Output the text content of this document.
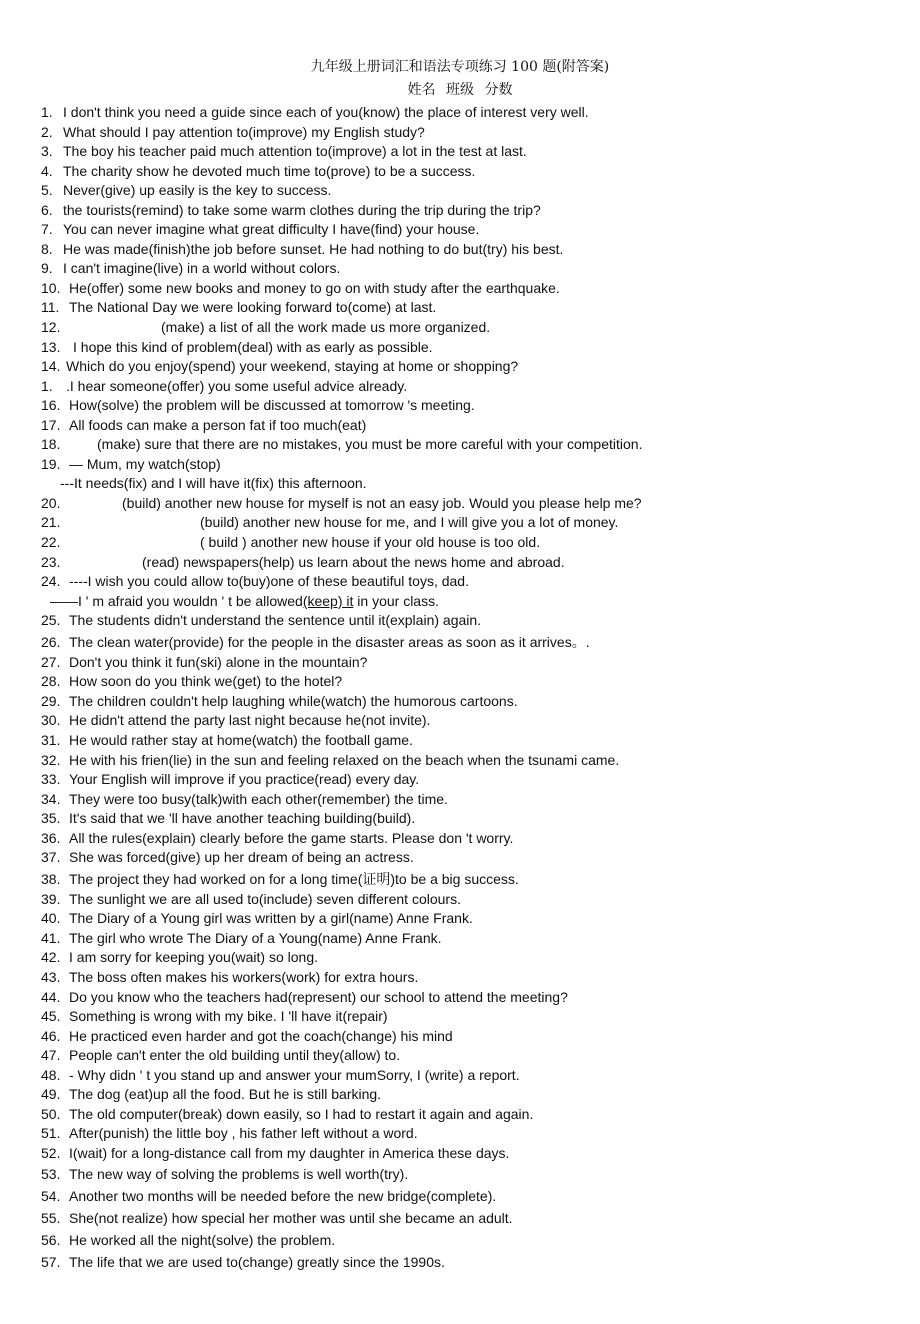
九年级上册词汇和语法专项练习 100 题(附答案)
姓名 班级 分数
1. I don't think you need a guide since each of you(know) the place of interest very well.
2. What should I pay attention to(improve) my English study?
3. The boy his teacher paid much attention to(improve) a lot in the test at last.
4. The charity show he devoted much time to(prove) to be a success.
5. Never(give) up easily is the key to success.
6. the tourists(remind) to take some warm clothes during the trip during the trip?
7. You can never imagine what great difficulty I have(find) your house.
8. He was made(finish)the job before sunset. He had nothing to do but(try) his best.
9. I can't imagine(live) in a world without colors.
10. He(offer) some new books and money to go on with study after the earthquake.
11. The National Day we were looking forward to(come) at last.
12.	(make) a list of all the work made us more organized.
13. I hope this kind of problem(deal) with as early as possible.
14. Which do you enjoy(spend) your weekend, staying at home or shopping?
1. .I hear someone(offer) you some useful advice already.
16. How(solve) the problem will be discussed at tomorrow 's meeting.
17. All foods can make a person fat if too much(eat)
18.	(make) sure that there are no mistakes, you must be more careful with your competition.
19. — Mum, my watch(stop)
---It needs(fix) and I will have it(fix) this afternoon.
20.	(build) another new house for myself is not an easy job. Would you please help me?
21.	(build) another new house for me, and I will give you a lot of money.
22.	( build ) another new house if your old house is too old.
23.	(read) newspapers(help) us learn about the news home and abroad.
24. ----I wish you could allow to(buy)one of these beautiful toys, dad.
——I ' m afraid you wouldn ' t be allowed(keep) it in your class.
25. The students didn't understand the sentence until it(explain) again.
26. The clean water(provide) for the people in the disaster areas as soon as it arrives。.
27. Don't you think it fun(ski) alone in the mountain?
28. How soon do you think we(get) to the hotel?
29. The children couldn't help laughing while(watch) the humorous cartoons.
30. He didn't attend the party last night because he(not invite).
31. He would rather stay at home(watch) the football game.
32. He with his frien(lie) in the sun and feeling relaxed on the beach when the tsunami came.
33. Your English will improve if you practice(read) every day.
34. They were too busy(talk)with each other(remember) the time.
35. It's said that we 'll have another teaching building(build).
36. All the rules(explain) clearly before the game starts. Please don 't worry.
37. She was forced(give) up her dream of being an actress.
38. The project they had worked on for a long time(证明)to be a big success.
39. The sunlight we are all used to(include) seven different colours.
40. The Diary of a Young girl was written by a girl(name) Anne Frank.
41. The girl who wrote The Diary of a Young(name) Anne Frank.
42. I am sorry for keeping you(wait) so long.
43. The boss often makes his workers(work) for extra hours.
44. Do you know who the teachers had(represent) our school to attend the meeting?
45. Something is wrong with my bike. I 'll have it(repair)
46. He practiced even harder and got the coach(change) his mind
47. People can't enter the old building until they(allow) to.
48. - Why didn ' t you stand up and answer your mumSorry, I (write) a report.
49. The dog (eat)up all the food. But he is still barking.
50. The old computer(break) down easily, so I had to restart it again and again.
51. After(punish) the little boy , his father left without a word.
52. I(wait) for a long-distance call from my daughter in America these days.
53. The new way of solving the problems is well worth(try).
54. Another two months will be needed before the new bridge(complete).
55. She(not realize) how special her mother was until she became an adult.
56. He worked all the night(solve) the problem.
57. The life that we are used to(change) greatly since the 1990s.
